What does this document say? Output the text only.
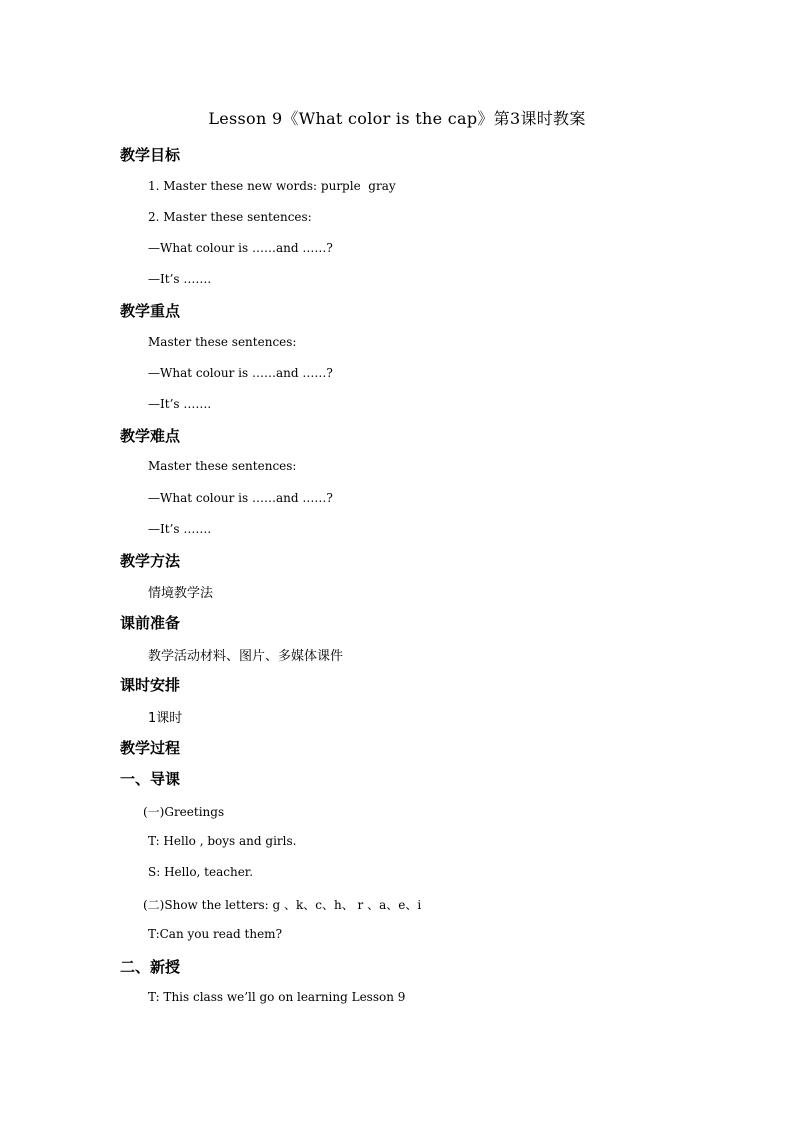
Lesson 9《What color is the cap》第3课时教案
教学目标
1. Master these new words: purple  gray
2. Master these sentences:
—What colour is ……and ……?
—It’s …….
教学重点
Master these sentences:
—What colour is ……and ……?
—It’s …….
教学难点
Master these sentences:
—What colour is ……and ……?
—It’s …….
教学方法
情境教学法
课前准备
教学活动材料、图片、多媒体课件
课时安排
1课时
教学过程
一、导课
(一)Greetings
T: Hello , boys and girls.
S: Hello, teacher.
(二)Show the letters: g 、k、c、h、 r 、a、e、i
T:Can you read them?
二、新授
T: This class we’ll go on learning Lesson 9
